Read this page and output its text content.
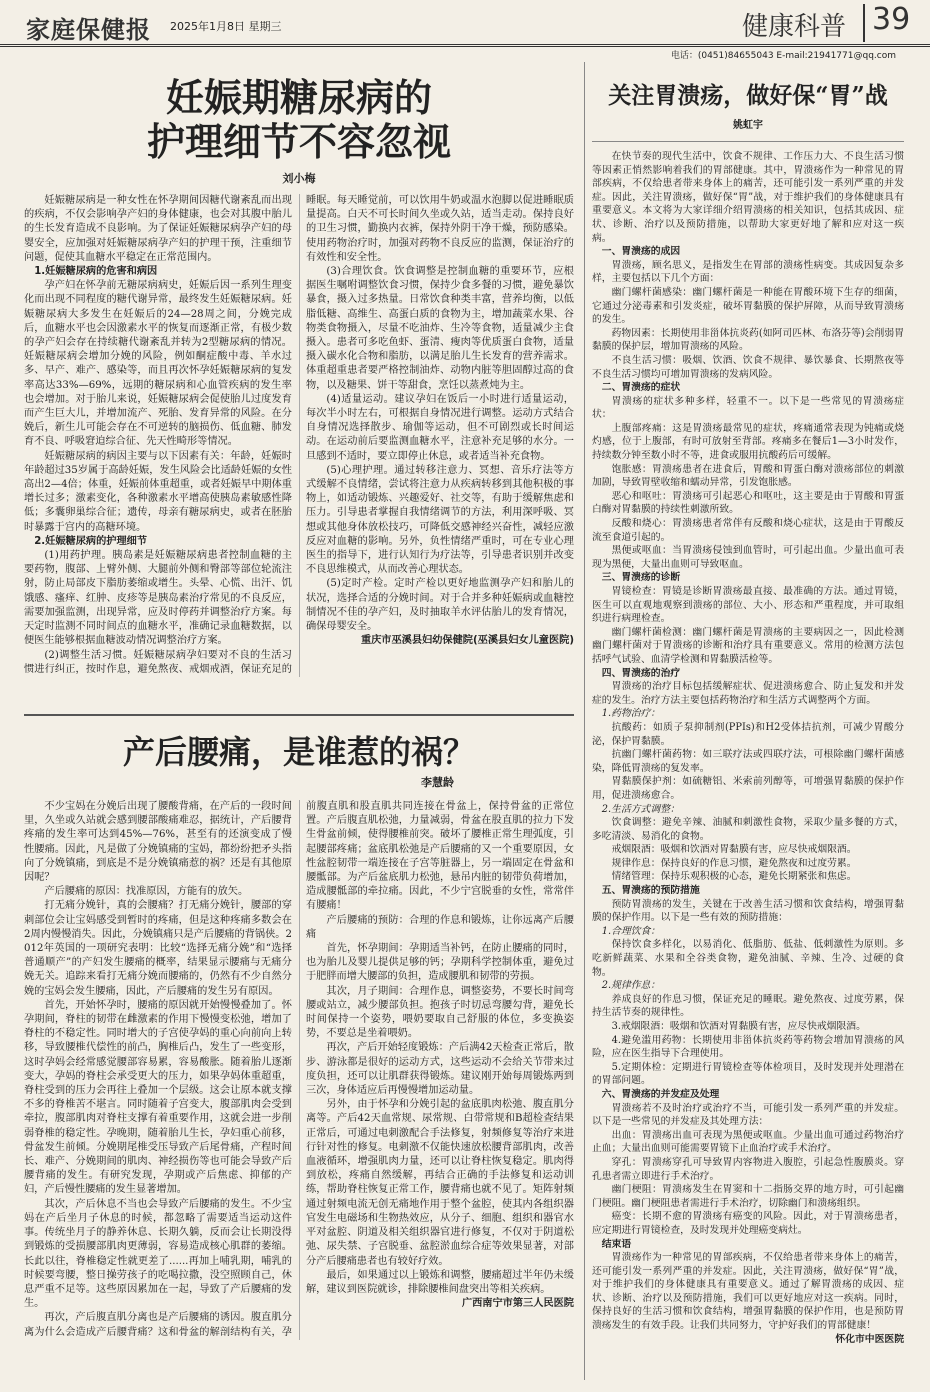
家庭保健报 2025年1月8日 星期三	健康科普 39
电话：(0451)84655043 E-mail:21941771@qq.com
妊娠期糖尿病的
护理细节不容忽视
刘小梅

妊娠糖尿病是一种女性在怀孕期间因糖代谢紊乱而出现的疾病，不仅会影响孕产妇的身体健康，也会对其腹中胎儿的生长发育造成不良影响。为了保证妊娠糖尿病孕产妇的母婴安全，应加强对妊娠糖尿病孕产妇的护理干预，注重细节问题，促使其血糖水平稳定在正常范围内。

1.妊娠糖尿病的危害和病因

孕产妇在怀孕前无糖尿病病史，妊娠后因一系列生理变化而出现不同程度的糖代谢异常，最终发生妊娠糖尿病。妊娠糖尿病大多发生在妊娠后的24—28周之间，分娩完成后，血糖水平也会因激素水平的恢复而逐渐正常，有极少数的孕产妇会存在持续糖代谢紊乱并转为2型糖尿病的情况。妊娠糖尿病会增加分娩的风险，例如酮症酸中毒、羊水过多、早产、难产、感染等，而且再次怀孕妊娠糖尿病的复发率高达33%—69%，远期的糖尿病和心血管疾病的发生率也会增加。对于胎儿来说，妊娠糖尿病会促使胎儿过度发育而产生巨大儿，并增加流产、死胎、发育异常的风险。在分娩后，新生儿可能会存在不可逆转的脑损伤、低血糖、肺发育不良、呼吸窘迫综合征、先天性畸形等情况。

妊娠糖尿病的病因主要与以下因素有关：年龄，妊娠时年龄超过35岁属于高龄妊娠，发生风险会比适龄妊娠的女性高出2—4倍；体重，妊娠前体重超重，或者妊娠早中期体重增长过多；激素变化，各种激素水平增高使胰岛素敏感性降低；多囊卵巢综合征；遗传，母亲有糖尿病史，或者在胚胎时暴露于宫内的高糖环境。

2.妊娠糖尿病的护理细节

(1)用药护理。胰岛素是妊娠糖尿病患者控制血糖的主要药物，腹部、上臂外侧、大腿前外侧和臀部等部位轮流注射，防止局部皮下脂肪萎缩或增生。头晕、心慌、出汗、饥饿感、瘙痒、红肿、皮疹等是胰岛素治疗常见的不良反应，需要加强监测，出现异常，应及时停药并调整治疗方案。每天定时监测不同时间点的血糖水平，准确记录血糖数据，以便医生能够根据血糖波动情况调整治疗方案。

(2)调整生活习惯。妊娠糖尿病孕妇要对不良的生活习惯进行纠正，按时作息，避免熬夜、戒烟戒酒，保证充足的睡眠。每天睡觉前，可以饮用牛奶或温水泡脚以促进睡眠质量提高。白天不可长时间久坐或久站，适当走动。保持良好的卫生习惯，勤换内衣裤，保持外阴干净干燥，预防感染。使用药物治疗时，加强对药物不良反应的监测，保证治疗的有效性和安全性。

(3)合理饮食。饮食调整是控制血糖的重要环节，应根据医生嘱咐调整饮食习惯，保持少食多餐的习惯，避免暴饮暴食，摄入过多热量。日常饮食种类丰富，营养均衡，以低脂低糖、高维生、高蛋白质的食物为主，增加蔬菜水果、谷物类食物摄入，尽量不吃油炸、生冷等食物，适量减少主食摄入。患者可多吃鱼虾、蛋清、瘦肉等优质蛋白食物，适量摄入碳水化合物和脂肪，以满足胎儿生长发育的营养需求。体重超重患者要严格控制油炸、动物内脏等胆固醇过高的食物，以及糖果、饼干等甜食，烹饪以蒸煮炖为主。

(4)适量运动。建议孕妇在饭后一小时进行适量运动，每次半小时左右，可根据自身情况进行调整。运动方式结合自身情况选择散步、瑜伽等运动，但不可剧烈或长时间运动。在运动前后要监测血糖水平，注意补充足够的水分。一旦感到不适时，要立即停止休息，或者适当补充食物。

(5)心理护理。通过转移注意力、冥想、音乐疗法等方式缓解不良情绪，尝试将注意力从疾病转移到其他积极的事物上，如适动锻炼、兴趣爱好、社交等，有助于缓解焦虑和压力。引导患者掌握自我情绪调节的方法，利用深呼吸、冥想或其他身体放松技巧，可降低交感神经兴奋性，减轻应激反应对血糖的影响。另外，负性情绪严重时，可在专业心理医生的指导下，进行认知行为疗法等，引导患者识别并改变不良思维模式，从而改善心理状态。

(5)定时产检。定时产检以更好地监测孕产妇和胎儿的状况，选择合适的分娩时间。对于合并多种妊娠病或血糖控制情况不佳的孕产妇，及时抽取羊水评估胎儿的发育情况，确保母婴安全。

重庆市巫溪县妇幼保健院(巫溪县妇女儿童医院)

产后腰痛，是谁惹的祸？
李慧龄

不少宝妈在分娩后出现了腰酸背痛，在产后的一段时间里，久坐或久站就会感到腰部酸痛难忍，据统计，产后腰背疼痛的发生率可达到45%—76%，甚至有的还演变成了慢性腰痛。因此，凡是做了分娩镇痛的宝妈，都纷纷把矛头指向了分娩镇痛，到底是不是分娩镇痛惹的祸？还是有其他原因呢？

产后腰痛的原因：找准原因，方能有的放矢。

打无痛分娩针，真的会腰痛？打无痛分娩针，腰部的穿刺部位会让宝妈感受到暂时的疼痛，但是这种疼痛多数会在2周内慢慢消失。因此，分娩镇痛只是产后腰痛的背锅侠。2012年英国的一项研究表明：比较“选择无痛分娩”和“选择普通顺产”的产妇发生腰痛的概率，结果显示腰痛与无痛分娩无关。追踪来看打无痛分娩而腰痛的，仍然有不少自然分娩的宝妈会发生腰痛，因此，产后腰痛的发生另有原因。

首先，开始怀孕时，腰痛的原因就开始慢慢叠加了。怀孕期间，脊柱的韧带在雌激素的作用下慢慢变松弛，增加了脊柱的不稳定性。同时增大的子宫使孕妈的重心向前向上转移，导致腰椎代偿性的前凸，胸椎后凸，发生了一些变形，这时孕妈会经常感觉腰部容易累，容易酸胀。随着胎儿逐渐变大，孕妈的脊柱会承受更大的压力，如果孕妈体重超重，脊柱受到的压力会再往上叠加一个层级。这会让原本就支撑不多的脊椎苦不堪言。同时随着子宫变大，腹部肌肉会受到牵拉，腹部肌肉对脊柱支撑有着重要作用，这就会进一步削弱脊椎的稳定性。孕晚期，随着胎儿生长，孕妇重心前移，骨盆发生前倾。分娩期尾椎受压导致产后尾骨痛，产程时间长、难产、分娩期间的肌肉、神经损伤等也可能会导致产后腰背痛的发生。有研究发现，孕期或产后焦虑、抑郁的产妇，产后慢性腰痛的发生显著增加。

其次，产后休息不当也会导致产后腰痛的发生。不少宝妈在产后坐月子休息的时候，都忽略了需要适当运动这件事。传统坐月子的静养休息、长期久躺，反而会让长期没得到锻炼的受损腰部肌肉更薄弱，容易造成核心肌群的萎缩。长此以往，脊椎稳定性就更差了......再加上哺乳期，哺乳的时候要弯腰，整日操劳孩子的吃喝拉撒，没空照顾自己，休息严重不足等。这些原因累加在一起，导致了产后腰痛的发生。

再次，产后腹直肌分离也是产后腰痛的诱因。腹直肌分离为什么会造成产后腰背痛？这和骨盆的解剖结构有关，孕前腹直肌和股直肌共同连接在骨盆上，保持骨盆的正常位置。产后腹直肌松弛，力量减弱，骨盆在股直肌的拉力下发生骨盆前倾，使得腰椎前突。破坏了腰椎正常生理弧度，引起腰部疼痛；盆底肌松弛是产后腰痛的又一个重要原因，女性盆腔韧带一端连接在子宫等脏器上，另一端固定在骨盆和腰骶部。为产后盆底肌力松弛，悬吊内脏的韧带负荷增加，造成腰骶部的牵拉痛。因此，不少宁宫脱垂的女性，常常伴有腰痛！

产后腰痛的预防：合理的作息和锻炼，让你远离产后腰痛

首先，怀孕期间：孕期适当补钙，在防止腰痛的同时，也为胎儿及婴儿提供足够的钙；孕期科学控制体重，避免过于肥胖而增大腰部的负担，造成腰肌和韧带的劳损。

其次，月子期间：合理作息，调整姿势，不要长时间弯腰或站立，减少腰部负担。抱孩子时切忌弯腰勾背，避免长时间保持一个姿势，喂奶要取自己舒服的体位，多变换姿势，不要总是坐着喂奶。

再次，产后开始轻度锻炼：产后满42天检查正常后，散步、游泳都是很好的运动方式，这些运动不会给关节带来过度负担，还可以让肌群获得锻炼。建议刚开始每周锻炼两到三次，身体适应后再慢慢增加运动量。

另外，由于怀孕和分娩引起的盆底肌肉松弛、腹直肌分离等。产后42天血常规、尿常规、白带常规和B超检查结果正常后，可通过电刺激配合手法修复，射频修复等治疗来进行针对性的修复。电刺激不仅能快速放松腰背部肌肉，改善血液循环，增强肌肉力量，还可以让脊柱恢复稳定。肌肉得到放松，疼痛自然缓解，再结合正确的手法修复和运动训练，帮助脊柱恢复正常工作，腰背痛也就不见了。矩阵射频通过射频电流无创无痛地作用于整个盆腔，使其内各组织器官发生电磁场和生物热效应，从分子、细胞、组织和器官水平对盆腔、阴道及相关组织器官进行修复，不仅对于阴道松弛、尿失禁、子宫脱垂、盆腔淤血综合症等效果显著，对部分产后腰痛患者也有较好疗效。

最后，如果通过以上锻炼和调整，腰痛超过半年仍未缓解，建议到医院就诊，排除腰椎间盘突出等相关疾病。

广西南宁市第三人民医院

关注胃溃疡，做好保“胃”战
姚虹宇

在快节奏的现代生活中，饮食不规律、工作压力大、不良生活习惯等因素正悄然影响着我们的胃部健康。其中，胃溃疡作为一种常见的胃部疾病，不仅给患者带来身体上的痛苦，还可能引发一系列严重的并发症。因此，关注胃溃疡，做好保“胃”战，对于维护我们的身体健康具有重要意义。本文将为大家详细介绍胃溃疡的相关知识，包括其成因、症状、诊断、治疗以及预防措施，以帮助大家更好地了解和应对这一疾病。

一、胃溃疡的成因

胃溃疡，顾名思义，是指发生在胃部的溃疡性病变。其成因复杂多样，主要包括以下几个方面：

幽门螺杆菌感染：幽门螺杆菌是一种能在胃酸环境下生存的细菌，它通过分泌毒素和引发炎症，破坏胃黏膜的保护屏障，从而导致胃溃疡的发生。

药物因素：长期使用非甾体抗炎药(如阿司匹林、布洛芬等)会削弱胃黏膜的保护层，增加胃溃疡的风险。

不良生活习惯：吸烟、饮酒、饮食不规律、暴饮暴食、长期熬夜等不良生活习惯均可增加胃溃疡的发病风险。

二、胃溃疡的症状

胃溃疡的症状多种多样，轻重不一。以下是一些常见的胃溃疡症状：

上腹部疼痛：这是胃溃疡最常见的症状，疼痛通常表现为钝痛或烧灼感，位于上腹部，有时可放射至背部。疼痛多在餐后1—3小时发作，持续数分钟至数小时不等，进食或服用抗酸药后可缓解。

饱胀感：胃溃疡患者在进食后，胃酸和胃蛋白酶对溃疡部位的刺激加剧，导致胃壁收缩和蠕动异常，引发饱胀感。

恶心和呕吐：胃溃疡可引起恶心和呕吐，这主要是由于胃酸和胃蛋白酶对胃黏膜的持续性刺激所致。

反酸和烧心：胃溃疡患者常伴有反酸和烧心症状，这是由于胃酸反流至食道引起的。

黑便或呕血：当胃溃疡侵蚀到血管时，可引起出血。少量出血可表现为黑便，大量出血则可导致呕血。

三、胃溃疡的诊断

胃镜检查：胃镜是诊断胃溃疡最直接、最准确的方法。通过胃镜，医生可以直观地观察到溃疡的部位、大小、形态和严重程度，并可取组织进行病理检查。

幽门螺杆菌检测：幽门螺杆菌是胃溃疡的主要病因之一，因此检测幽门螺杆菌对于胃溃疡的诊断和治疗具有重要意义。常用的检测方法包括呼气试验、血清学检测和胃黏膜活检等。

四、胃溃疡的治疗

胃溃疡的治疗目标包括缓解症状、促进溃疡愈合、防止复发和并发症的发生。治疗方法主要包括药物治疗和生活方式调整两个方面。

1.药物治疗：

抗酸药：如质子泵抑制剂(PPIs)和H2受体拮抗剂，可减少胃酸分泌，保护胃黏膜。

抗幽门螺杆菌药物：如三联疗法或四联疗法，可根除幽门螺杆菌感染，降低胃溃疡的复发率。

胃黏膜保护剂：如硫糖铝、米索前列醇等，可增强胃黏膜的保护作用，促进溃疡愈合。

2.生活方式调整：

饮食调整：避免辛辣、油腻和刺激性食物，采取少量多餐的方式，多吃清淡、易消化的食物。

戒烟限酒：吸烟和饮酒对胃黏膜有害，应尽快戒烟限酒。

规律作息：保持良好的作息习惯，避免熬夜和过度劳累。

情绪管理：保持乐观积极的心态，避免长期紧张和焦虑。

五、胃溃疡的预防措施

预防胃溃疡的发生，关键在于改善生活习惯和饮食结构，增强胃黏膜的保护作用。以下是一些有效的预防措施：

1.合理饮食：

保持饮食多样化，以易消化、低脂肪、低盐、低刺激性为原则。多吃新鲜蔬菜、水果和全谷类食物，避免油腻、辛辣、生冷、过硬的食物。

2.规律作息：

养成良好的作息习惯，保证充足的睡眠。避免熬夜、过度劳累，保持生活节奏的规律性。

3.戒烟限酒：吸烟和饮酒对胃黏膜有害，应尽快戒烟限酒。

4.避免滥用药物：长期使用非甾体抗炎药等药物会增加胃溃疡的风险，应在医生指导下合理使用。

5.定期体检：定期进行胃镜检查等体检项目，及时发现并处理潜在的胃部问题。

六、胃溃疡的并发症及处理

胃溃疡若不及时治疗或治疗不当，可能引发一系列严重的并发症。以下是一些常见的并发症及其处理方法：

出血：胃溃疡出血可表现为黑便或呕血。少量出血可通过药物治疗止血；大量出血则可能需要胃镜下止血治疗或手术治疗。

穿孔：胃溃疡穿孔可导致胃内容物进入腹腔，引起急性腹膜炎。穿孔患者需立即进行手术治疗。

幽门梗阻：胃溃疡发生在胃窦和十二指肠交界的地方时，可引起幽门梗阻。幽门梗阻患者需进行手术治疗，切除幽门和溃疡组织。

癌变：长期不愈的胃溃疡有癌变的风险。因此，对于胃溃疡患者，应定期进行胃镜检查，及时发现并处理癌变病灶。

结束语

胃溃疡作为一种常见的胃部疾病，不仅给患者带来身体上的痛苦，还可能引发一系列严重的并发症。因此，关注胃溃疡，做好保“胃”战，对于维护我们的身体健康具有重要意义。通过了解胃溃疡的成因、症状、诊断、治疗以及预防措施，我们可以更好地应对这一疾病。同时，保持良好的生活习惯和饮食结构，增强胃黏膜的保护作用，也是预防胃溃疡发生的有效手段。让我们共同努力，守护好我们的胃部健康！

怀化市中医医院
